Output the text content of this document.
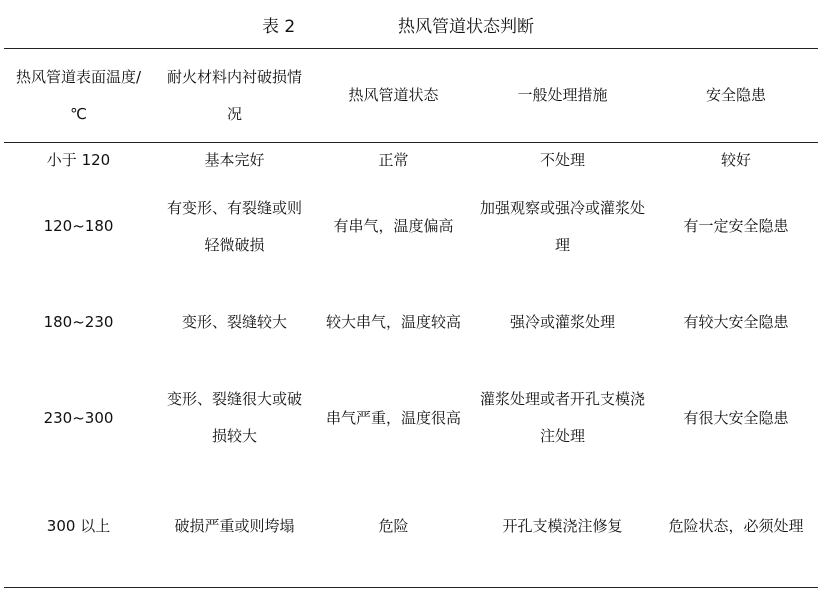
表 2	热风管道状态判断
热风管道表面温度/℃	耐火材料内衬破损情况	热风管道状态	一般处理措施	安全隐患
小于 120	基本完好	正常	不处理	较好
120~180	有变形、有裂缝或则轻微破损	有串气，温度偏高	加强观察或强冷或灌浆处理	有一定安全隐患
180~230	变形、裂缝较大	较大串气，温度较高	强冷或灌浆处理	有较大安全隐患
230~300	变形、裂缝很大或破损较大	串气严重，温度很高	灌浆处理或者开孔支模浇注处理	有很大安全隐患
300 以上	破损严重或则垮塌	危险	开孔支模浇注修复	危险状态，必须处理
